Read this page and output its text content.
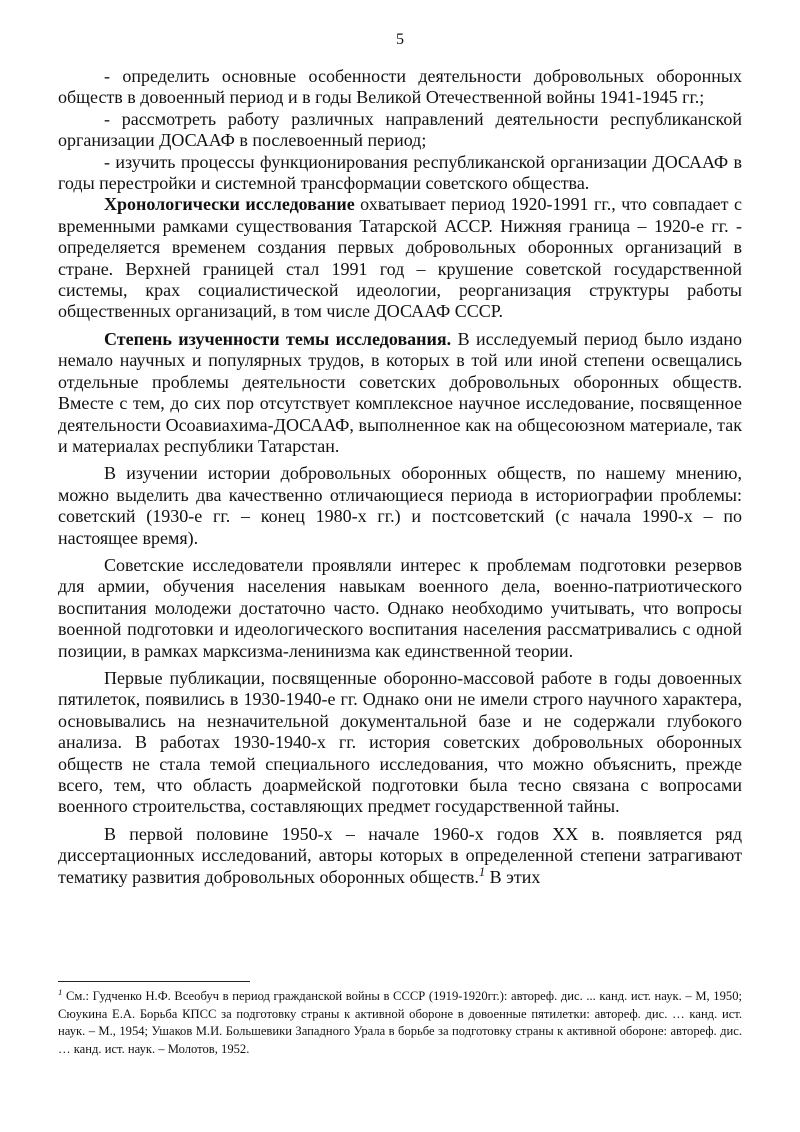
5

- определить основные особенности деятельности добровольных оборонных обществ в довоенный период и в годы Великой Отечественной войны 1941-1945 гг.;

- рассмотреть работу различных направлений деятельности республиканской организации ДОСААФ в послевоенный период;

- изучить процессы функционирования республиканской организации ДОСААФ в годы перестройки и системной трансформации советского общества.

Хронологически исследование охватывает период 1920-1991 гг., что совпадает с временными рамками существования Татарской АССР. Нижняя граница – 1920-е гг. - определяется временем создания первых добровольных оборонных организаций в стране. Верхней границей стал 1991 год – крушение советской государственной системы, крах социалистической идеологии, реорганизация структуры работы общественных организаций, в том числе ДОСААФ СССР.

Степень изученности темы исследования. В исследуемый период было издано немало научных и популярных трудов, в которых в той или иной степени освещались отдельные проблемы деятельности советских добровольных оборонных обществ. Вместе с тем, до сих пор отсутствует комплексное научное исследование, посвященное деятельности Осоавиахима-ДОСААФ, выполненное как на общесоюзном материале, так и материалах республики Татарстан.

В изучении истории добровольных оборонных обществ, по нашему мнению, можно выделить два качественно отличающиеся периода в историографии проблемы: советский (1930-е гг. – конец 1980-х гг.) и постсоветский (с начала 1990-х – по настоящее время).

Советские исследователи проявляли интерес к проблемам подготовки резервов для армии, обучения населения навыкам военного дела, военно-патриотического воспитания молодежи достаточно часто. Однако необходимо учитывать, что вопросы военной подготовки и идеологического воспитания населения рассматривались с одной позиции, в рамках марксизма-ленинизма как единственной теории.

Первые публикации, посвященные оборонно-массовой работе в годы довоенных пятилеток, появились в 1930-1940-е гг. Однако они не имели строго научного характера, основывались на незначительной документальной базе и не содержали глубокого анализа. В работах 1930-1940-х гг. история советских добровольных оборонных обществ не стала темой специального исследования, что можно объяснить, прежде всего, тем, что область доармейской подготовки была тесно связана с вопросами военного строительства, составляющих предмет государственной тайны.

В первой половине 1950-х – начале 1960-х годов XX в. появляется ряд диссертационных исследований, авторы которых в определенной степени затрагивают тематику развития добровольных оборонных обществ.$^1$ В этих

$^1$ См.: Гудченко Н.Ф. Всеобуч в период гражданской войны в СССР (1919-1920гг.): автореф. дис. ... канд. ист. наук. – М, 1950; Сюукина Е.А. Борьба КПСС за подготовку страны к активной обороне в довоенные пятилетки: автореф. дис. … канд. ист. наук. – М., 1954; Ушаков М.И. Большевики Западного Урала в борьбе за подготовку страны к активной обороне: автореф. дис. … канд. ист. наук. – Молотов, 1952.
